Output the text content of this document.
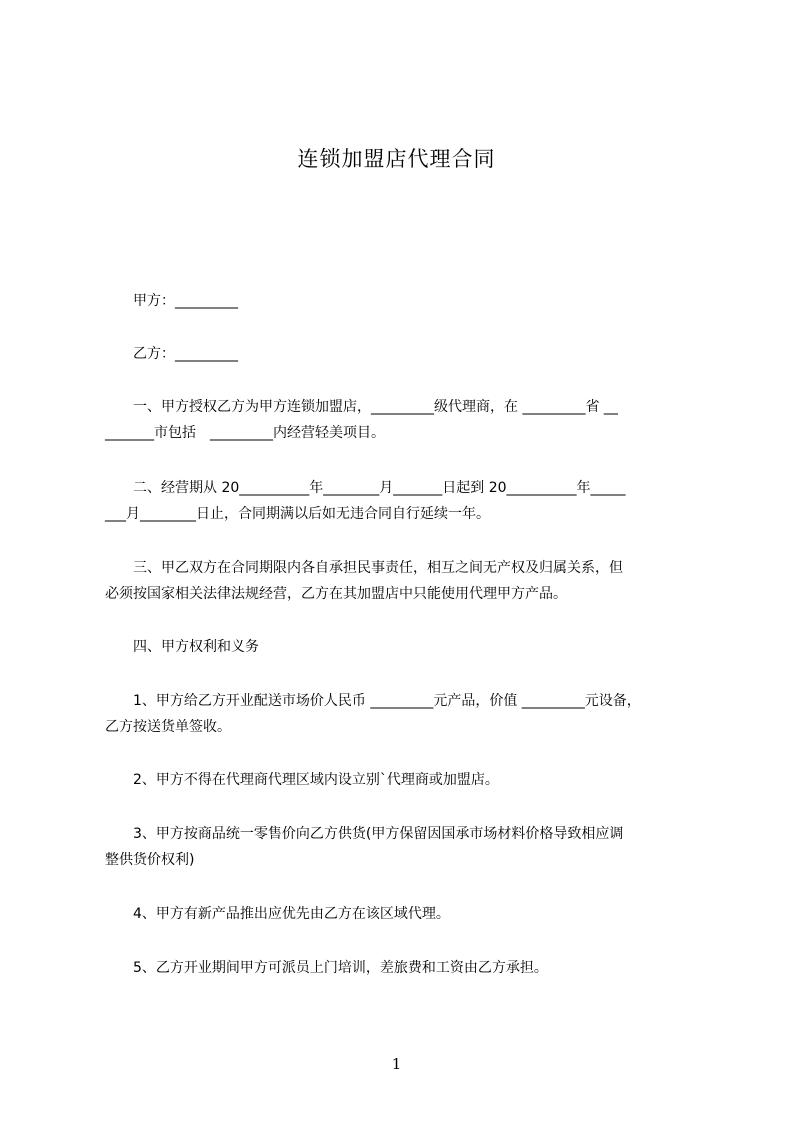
连锁加盟店代理合同

　　甲方：_________

　　乙方：_________

　　一、甲方授权乙方为甲方连锁加盟店，_________级代理商，在 _________省 __
_______市包括　_________内经营轻美项目。

　　二、经营期从 20__________年________月_______日起到 20__________年_____
___月________日止，合同期满以后如无违合同自行延续一年。

　　三、甲乙双方在合同期限内各自承担民事责任，相互之间无产权及归属关系，但
必须按国家相关法律法规经营，乙方在其加盟店中只能使用代理甲方产品。

　　四、甲方权利和义务

　　1、甲方给乙方开业配送市场价人民币 _________元产品，价值 _________元设备，
乙方按送货单签收。

　　2、甲方不得在代理商代理区域内设立别`代理商或加盟店。

　　3、甲方按商品统一零售价向乙方供货(甲方保留因国承市场材料价格导致相应调
整供货价权利)

　　4、甲方有新产品推出应优先由乙方在该区域代理。

　　5、乙方开业期间甲方可派员上门培训，差旅费和工资由乙方承担。

1
